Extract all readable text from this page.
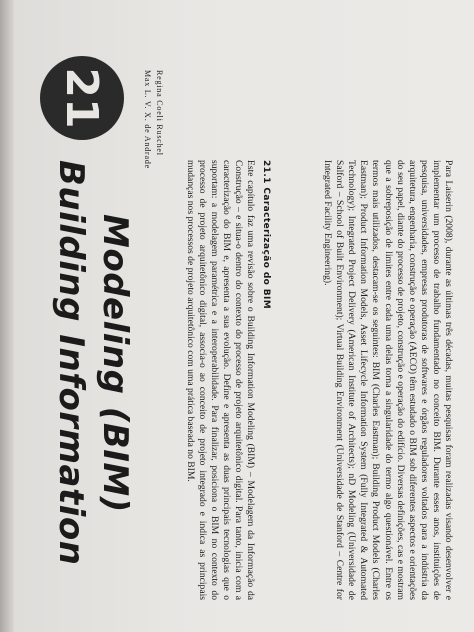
21
Building Information Modeling (BIM)
Max L. V. X. de Andrade Regina Coeli Ruschel
Este capítulo faz uma revisão sobre o Building Information Modeling (BIM) – Modelagem da Informação da Construção – e situa-o dentro do contexto do processo de projeto arquitetônico digital. Para tanto, inicia com a caracterização do BIM e, apresenta a sua evolução. Define e apresenta as duas principais tecnologias que o suportam: a modelagem paramétrica e a interoperabilidade. Para finalizar, posiciona o BIM no contexto do processo de projeto arquitetônico digital, associa-o ao conceito de projeto integrado e indica as principais mudanças nos processos de projeto arquitetônico com uma prática baseada no BIM.	21.1 Caracterização do BIM	Para Laiserin (2008), durante as últimas três décadas, muitas pesquisas foram realizadas visando desenvolver e implementar um processo de trabalho fundamentado no conceito BIM. Durante esses anos, instituições de pesquisa, universidades, empresas produtoras de softwares e órgãos reguladores voltados para a indústria da arquitetura, engenharia, construção e operação (AECO) têm estudado o BIM sob diferentes aspectos e orientações do seu papel, diante do processo de projeto, construção e operação do edifício. Diversas definições, cas e mostram que a sobreposição de limites entre cada uma delas torna a singularidade do termo algo questionável. Entre os termos mais utilizados, destacam-se os seguintes: BIM (Charles Eastman); Building Product Models (Charles Eastman); Product Information Models, Asset Lifecycle Information System (Fully Integrated & Automated Technology); Integrated Project Delivery (American Institute of Architects); nD Modeling (Universidade de Salford – School of Built Environment); Virtual Building Environment (Universidade de Stanford – Centre for Integrated Facility Engineering).
